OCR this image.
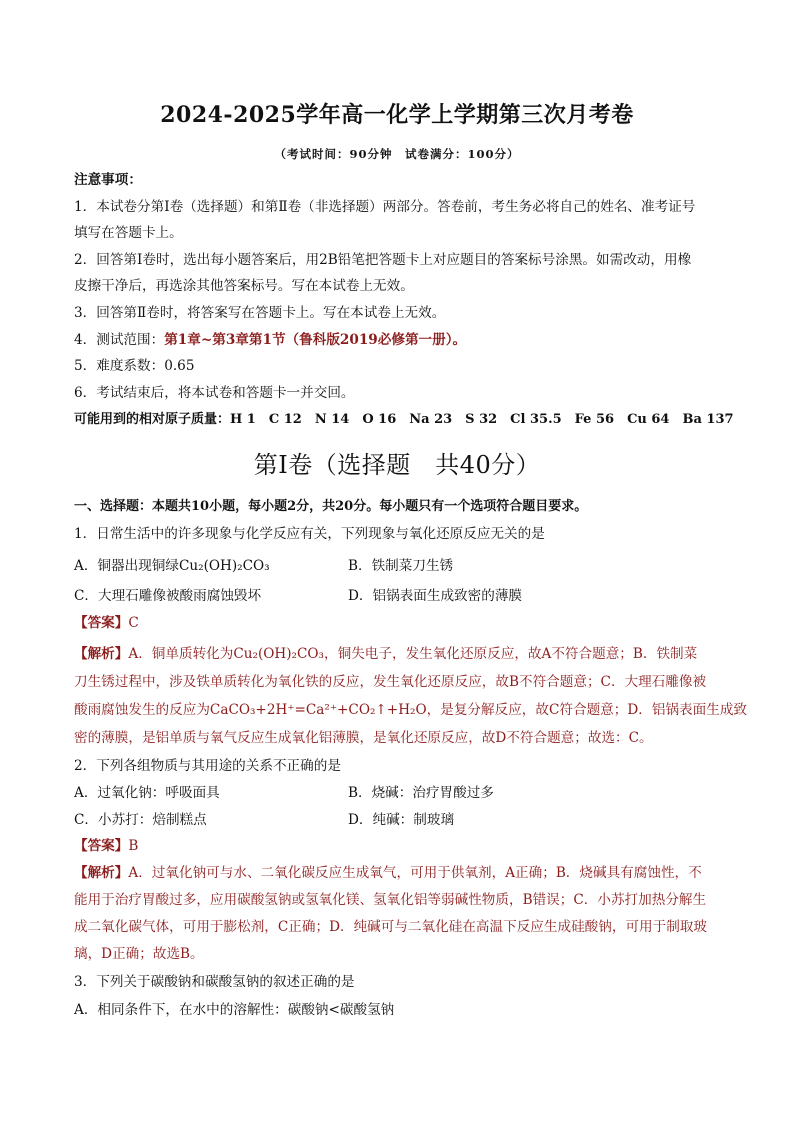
2024-2025学年高一化学上学期第三次月考卷
（考试时间：90分钟　试卷满分：100分）
注意事项：
1．本试卷分第Ⅰ卷（选择题）和第Ⅱ卷（非选择题）两部分。答卷前，考生务必将自己的姓名、准考证号
填写在答题卡上。
2．回答第Ⅰ卷时，选出每小题答案后，用2B铅笔把答题卡上对应题目的答案标号涂黑。如需改动，用橡
皮擦干净后，再选涂其他答案标号。写在本试卷上无效。
3．回答第Ⅱ卷时，将答案写在答题卡上。写在本试卷上无效。
4．测试范围：第1章~第3章第1节（鲁科版2019必修第一册）。
5．难度系数：0.65
6．考试结束后，将本试卷和答题卡一并交回。
可能用到的相对原子质量：H 1　C 12　N 14　O 16　Na 23　S 32　Cl 35.5　Fe 56　Cu 64　Ba 137
第Ⅰ卷（选择题　共40分）
一、选择题：本题共10小题，每小题2分，共20分。每小题只有一个选项符合题目要求。
1．日常生活中的许多现象与化学反应有关，下列现象与氧化还原反应无关的是
A．铜器出现铜绿Cu₂(OH)₂CO₃	B．铁制菜刀生锈
C．大理石雕像被酸雨腐蚀毁坏	D．铝锅表面生成致密的薄膜
【答案】C
【解析】A．铜单质转化为Cu₂(OH)₂CO₃，铜失电子，发生氧化还原反应，故A不符合题意；B．铁制菜
刀生锈过程中，涉及铁单质转化为氧化铁的反应，发生氧化还原反应，故B不符合题意；C．大理石雕像被
酸雨腐蚀发生的反应为CaCO₃+2H⁺=Ca²⁺+CO₂↑+H₂O，是复分解反应，故C符合题意；D．铝锅表面生成致
密的薄膜，是铝单质与氧气反应生成氧化铝薄膜，是氧化还原反应，故D不符合题意；故选：C。
2．下列各组物质与其用途的关系不正确的是
A．过氧化钠：呼吸面具	B．烧碱：治疗胃酸过多
C．小苏打：焙制糕点	D．纯碱：制玻璃
【答案】B
【解析】A．过氧化钠可与水、二氧化碳反应生成氧气，可用于供氧剂，A正确；B．烧碱具有腐蚀性，不
能用于治疗胃酸过多，应用碳酸氢钠或氢氧化镁、氢氧化铝等弱碱性物质，B错误；C．小苏打加热分解生
成二氧化碳气体，可用于膨松剂，C正确；D．纯碱可与二氧化硅在高温下反应生成硅酸钠，可用于制取玻
璃，D正确；故选B。
3．下列关于碳酸钠和碳酸氢钠的叙述正确的是
A．相同条件下，在水中的溶解性：碳酸钠<碳酸氢钠
